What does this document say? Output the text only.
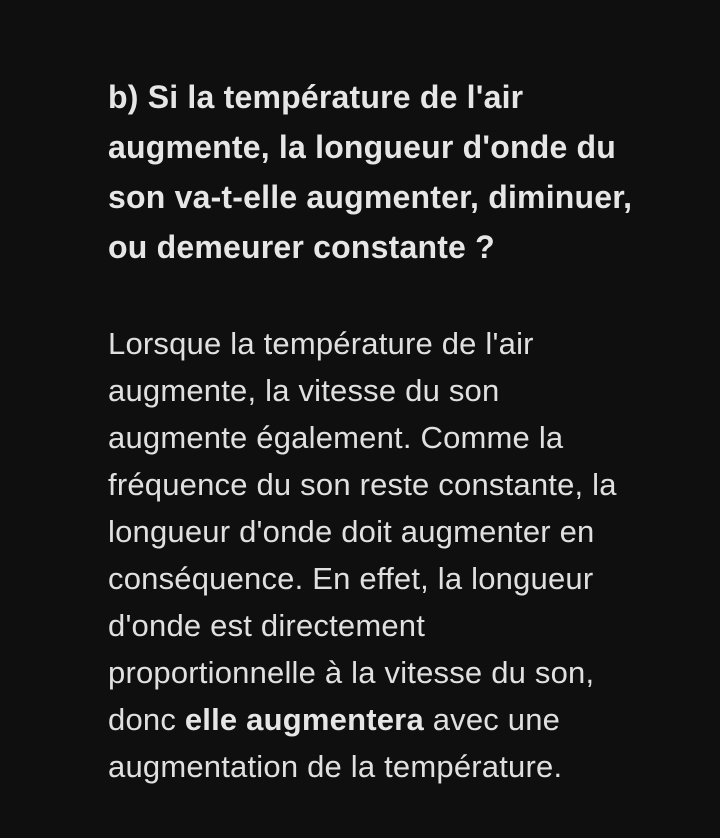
b) Si la température de l'air
augmente, la longueur d'onde du
son va-t-elle augmenter, diminuer,
ou demeurer constante ?
Lorsque la température de l'air
augmente, la vitesse du son
augmente également. Comme la
fréquence du son reste constante, la
longueur d'onde doit augmenter en
conséquence. En effet, la longueur
d'onde est directement
proportionnelle à la vitesse du son,
donc elle augmentera avec une
augmentation de la température.
